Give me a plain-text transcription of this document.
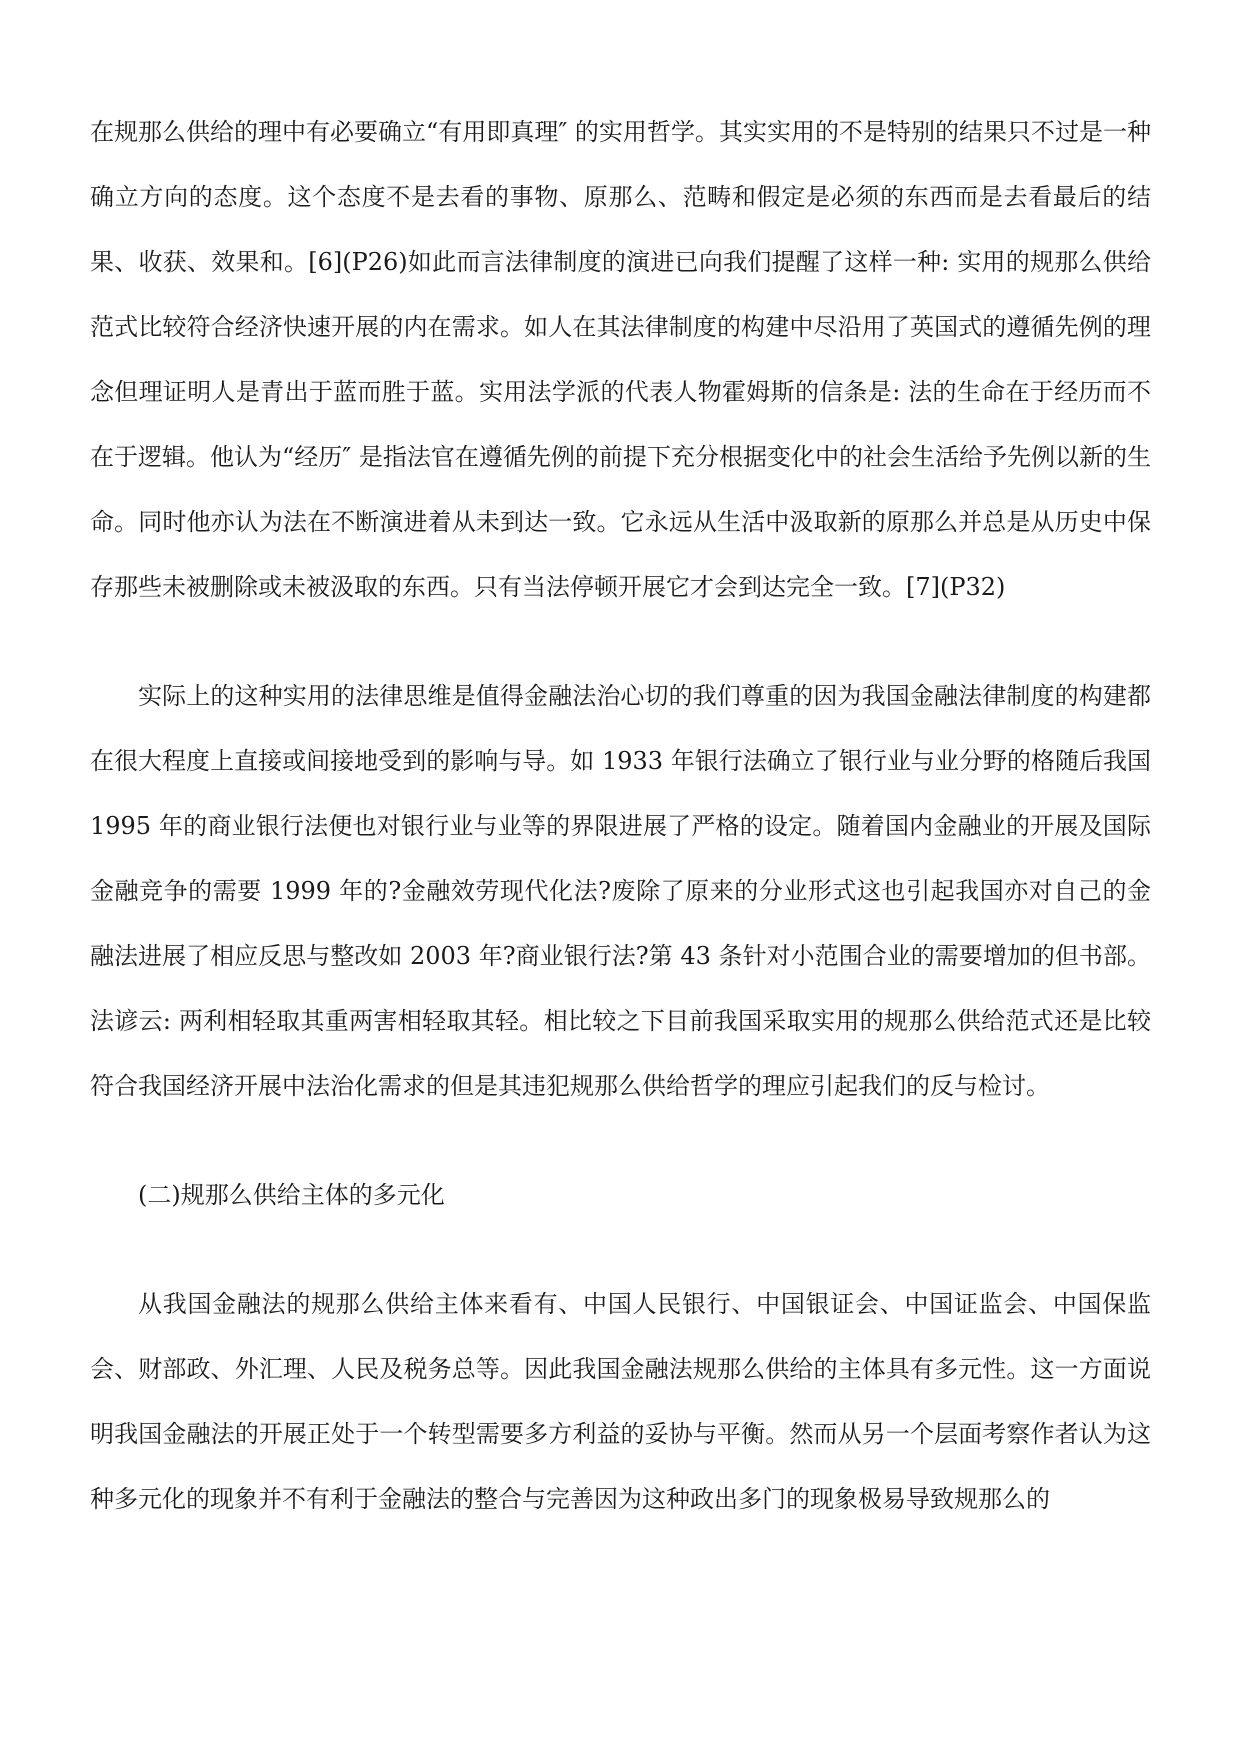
在规那么供给的理中有必要确立“有用即真理″ 的实用哲学。其实实用的不是特别的结果只不过是一种确立方向的态度。这个态度不是去看的事物、原那么、范畴和假定是必须的东西而是去看最后的结果、收获、效果和。[6](P26)如此而言法律制度的演进已向我们提醒了这样一种: 实用的规那么供给范式比较符合经济快速开展的内在需求。如人在其法律制度的构建中尽沿用了英国式的遵循先例的理念但理证明人是青出于蓝而胜于蓝。实用法学派的代表人物霍姆斯的信条是: 法的生命在于经历而不在于逻辑。他认为“经历″ 是指法官在遵循先例的前提下充分根据变化中的社会生活给予先例以新的生命。同时他亦认为法在不断演进着从未到达一致。它永远从生活中汲取新的原那么并总是从历史中保存那些未被删除或未被汲取的东西。只有当法停顿开展它才会到达完全一致。[7](P32)

实际上的这种实用的法律思维是值得金融法治心切的我们尊重的因为我国金融法律制度的构建都在很大程度上直接或间接地受到的影响与导。如 1933 年银行法确立了银行业与业分野的格随后我国 1995 年的商业银行法便也对银行业与业等的界限进展了严格的设定。随着国内金融业的开展及国际金融竞争的需要 1999 年的?金融效劳现代化法?废除了原来的分业形式这也引起我国亦对自己的金融法进展了相应反思与整改如 2003 年?商业银行法?第 43 条针对小范围合业的需要增加的但书部。法谚云: 两利相轻取其重两害相轻取其轻。相比较之下目前我国采取实用的规那么供给范式还是比较符合我国经济开展中法治化需求的但是其违犯规那么供给哲学的理应引起我们的反与检讨。

(二)规那么供给主体的多元化

从我国金融法的规那么供给主体来看有、中国人民银行、中国银证会、中国证监会、中国保监会、财部政、外汇理、人民及税务总等。因此我国金融法规那么供给的主体具有多元性。这一方面说明我国金融法的开展正处于一个转型需要多方利益的妥协与平衡。然而从另一个层面考察作者认为这种多元化的现象并不有利于金融法的整合与完善因为这种政出多门的现象极易导致规那么的
